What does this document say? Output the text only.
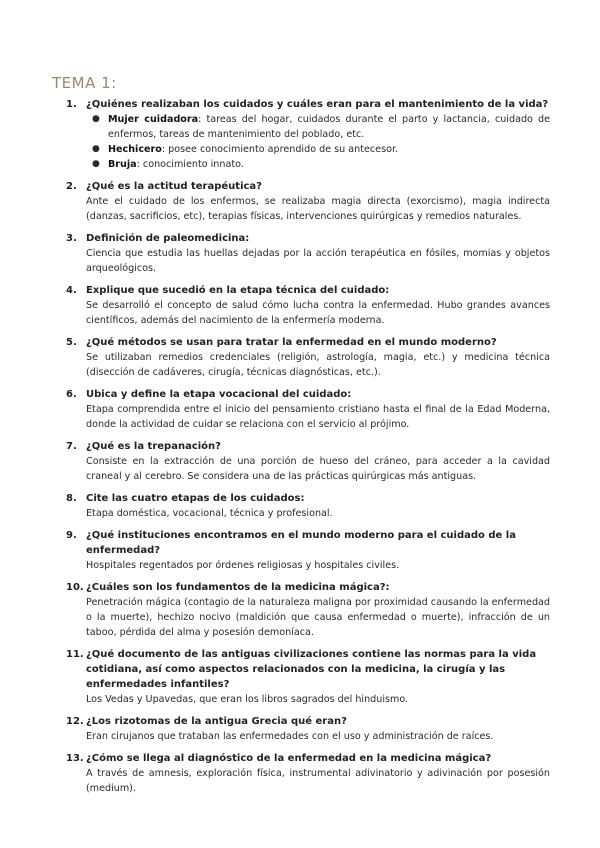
TEMA 1:
1. ¿Quiénes realizaban los cuidados y cuáles eran para el mantenimiento de la vida?
● Mujer cuidadora: tareas del hogar, cuidados durante el parto y lactancia, cuidado de enfermos, tareas de mantenimiento del poblado, etc.
● Hechicero: posee conocimiento aprendido de su antecesor.
● Bruja: conocimiento innato.
2. ¿Qué es la actitud terapéutica?
Ante el cuidado de los enfermos, se realizaba magia directa (exorcismo), magia indirecta (danzas, sacrificios, etc), terapias físicas, intervenciones quirúrgicas y remedios naturales.
3. Definición de paleomedicina:
Ciencia que estudia las huellas dejadas por la acción terapéutica en fósiles, momias y objetos arqueológicos.
4. Explique que sucedió en la etapa técnica del cuidado:
Se desarrolló el concepto de salud cómo lucha contra la enfermedad. Hubo grandes avances científicos, además del nacimiento de la enfermería moderna.
5. ¿Qué métodos se usan para tratar la enfermedad en el mundo moderno?
Se utilizaban remedios credenciales (religión, astrología, magia, etc.) y medicina técnica (disección de cadáveres, cirugía, técnicas diagnósticas, etc.).
6. Ubica y define la etapa vocacional del cuidado:
Etapa comprendida entre el inicio del pensamiento cristiano hasta el final de la Edad Moderna, donde la actividad de cuidar se relaciona con el servicio al prójimo.
7. ¿Qué es la trepanación?
Consiste en la extracción de una porción de hueso del cráneo, para acceder a la cavidad craneal y al cerebro. Se considera una de las prácticas quirúrgicas más antiguas.
8. Cite las cuatro etapas de los cuidados:
Etapa doméstica, vocacional, técnica y profesional.
9. ¿Qué instituciones encontramos en el mundo moderno para el cuidado de la enfermedad?
Hospitales regentados por órdenes religiosas y hospitales civiles.
10. ¿Cuáles son los fundamentos de la medicina mágica?:
Penetración mágica (contagio de la naturaleza maligna por proximidad causando la enfermedad o la muerte), hechizo nocivo (maldición que causa enfermedad o muerte), infracción de un taboo, pérdida del alma y posesión demoníaca.
11. ¿Qué documento de las antiguas civilizaciones contiene las normas para la vida cotidiana, así como aspectos relacionados con la medicina, la cirugía y las enfermedades infantiles?
Los Vedas y Upavedas, que eran los libros sagrados del hinduismo.
12. ¿Los rizotomas de la antigua Grecia qué eran?
Eran cirujanos que trataban las enfermedades con el uso y administración de raíces.
13. ¿Cómo se llega al diagnóstico de la enfermedad en la medicina mágica?
A través de amnesis, exploración física, instrumental adivinatorio y adivinación por posesión (medium).
